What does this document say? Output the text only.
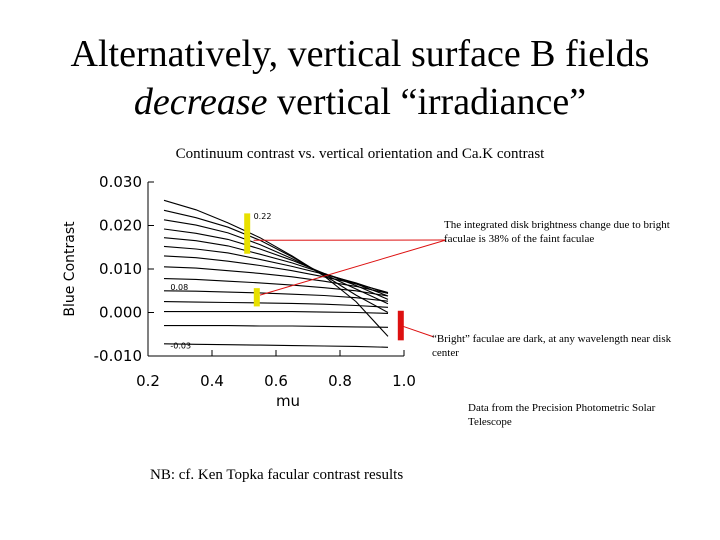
Alternatively, vertical surface B fields
decrease vertical “irradiance”
Continuum contrast vs. vertical orientation and Ca.K contrast
0.2	0.4	0.6	0.8	1.0
-0.010
0.000
0.010
0.020
0.030
mu
Blue Contrast
0.22
0.08
-0.03
The integrated disk brightness change due to bright faculae is 38% of the faint faculae
“Bright” faculae are dark, at any wavelength near disk center
Data from the Precision Photometric Solar Telescope
NB: cf. Ken Topka facular contrast results
